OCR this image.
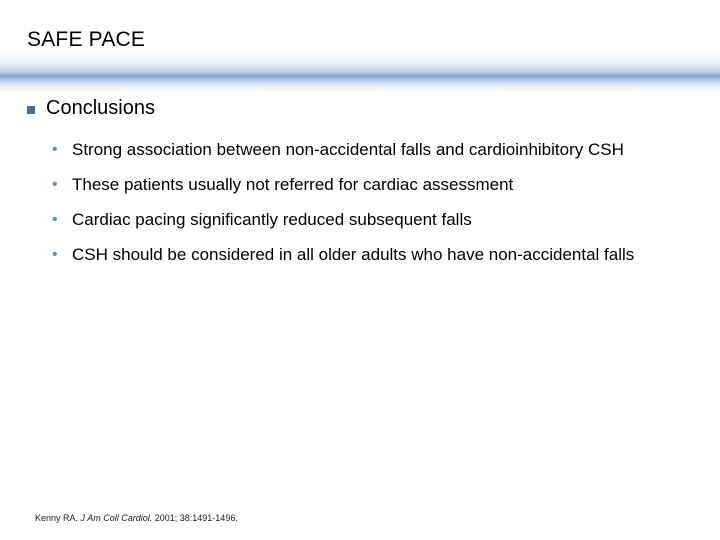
SAFE PACE
Conclusions
• Strong association between non-accidental falls and cardioinhibitory CSH
• These patients usually not referred for cardiac assessment
• Cardiac pacing significantly reduced subsequent falls
• CSH should be considered in all older adults who have non-accidental falls
Kenny RA, J Am Coll Cardiol. 2001; 38:1491-1496.
